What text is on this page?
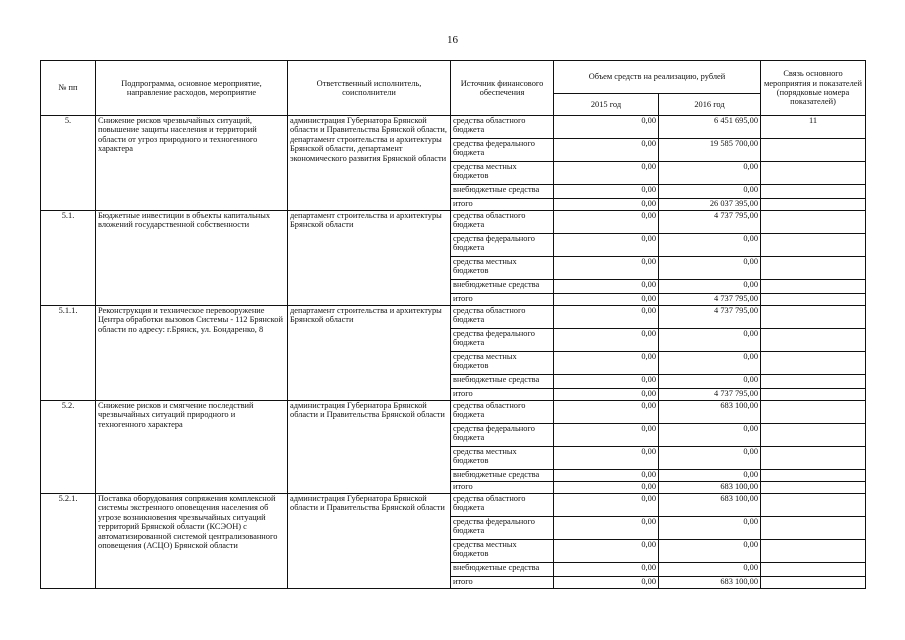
16
№ пп	Подпрограмма, основное мероприятие, направление расходов, мероприятие	Ответственный исполнитель, соисполнители	Источник финансового обеспечения	Объем средств на реализацию, рублей		Связь основного мероприятия и показателей (порядковые номера показателей)
				2015 год	2016 год	
5.	Снижение рисков чрезвычайных ситуаций, повышение защиты населения и территорий области от угроз природного и техногенного характера	администрация Губернатора Брянской области и Правительства Брянской области, департамент строительства и архитектуры Брянской области, департамент экономического развития Брянской области	средства областного бюджета	0,00	6 451 695,00	11
			средства федерального бюджета	0,00	19 585 700,00	
			средства местных бюджетов	0,00	0,00	
			внебюджетные средства	0,00	0,00	
			итого	0,00	26 037 395,00	
5.1.	Бюджетные инвестиции в объекты капитальных вложений государственной собственности	департамент строительства и архитектуры Брянской области	средства областного бюджета	0,00	4 737 795,00	
			средства федерального бюджета	0,00	0,00	
			средства местных бюджетов	0,00	0,00	
			внебюджетные средства	0,00	0,00	
			итого	0,00	4 737 795,00	
5.1.1.	Реконструкция и техническое перевооружение Центра обработки вызовов Системы - 112 Брянской области по адресу: г.Брянск, ул. Бондаренко, 8	департамент строительства и архитектуры Брянской области	средства областного бюджета	0,00	4 737 795,00	
			средства федерального бюджета	0,00	0,00	
			средства местных бюджетов	0,00	0,00	
			внебюджетные средства	0,00	0,00	
			итого	0,00	4 737 795,00	
5.2.	Снижение рисков и смягчение последствий чрезвычайных ситуаций природного и техногенного характера	администрация Губернатора Брянской области и Правительства Брянской области	средства областного бюджета	0,00	683 100,00	
			средства федерального бюджета	0,00	0,00	
			средства местных бюджетов	0,00	0,00	
			внебюджетные средства	0,00	0,00	
			итого	0,00	683 100,00	
5.2.1.	Поставка оборудования сопряжения комплексной системы экстренного оповещения населения об угрозе возникновения чрезвычайных ситуаций территорий Брянской области (КСЭОН) с автоматизированной системой централизованного оповещения (АСЦО) Брянской области	администрация Губернатора Брянской области и Правительства Брянской области	средства областного бюджета	0,00	683 100,00	
			средства федерального бюджета	0,00	0,00	
			средства местных бюджетов	0,00	0,00	
			внебюджетные средства	0,00	0,00	
			итого	0,00	683 100,00	
